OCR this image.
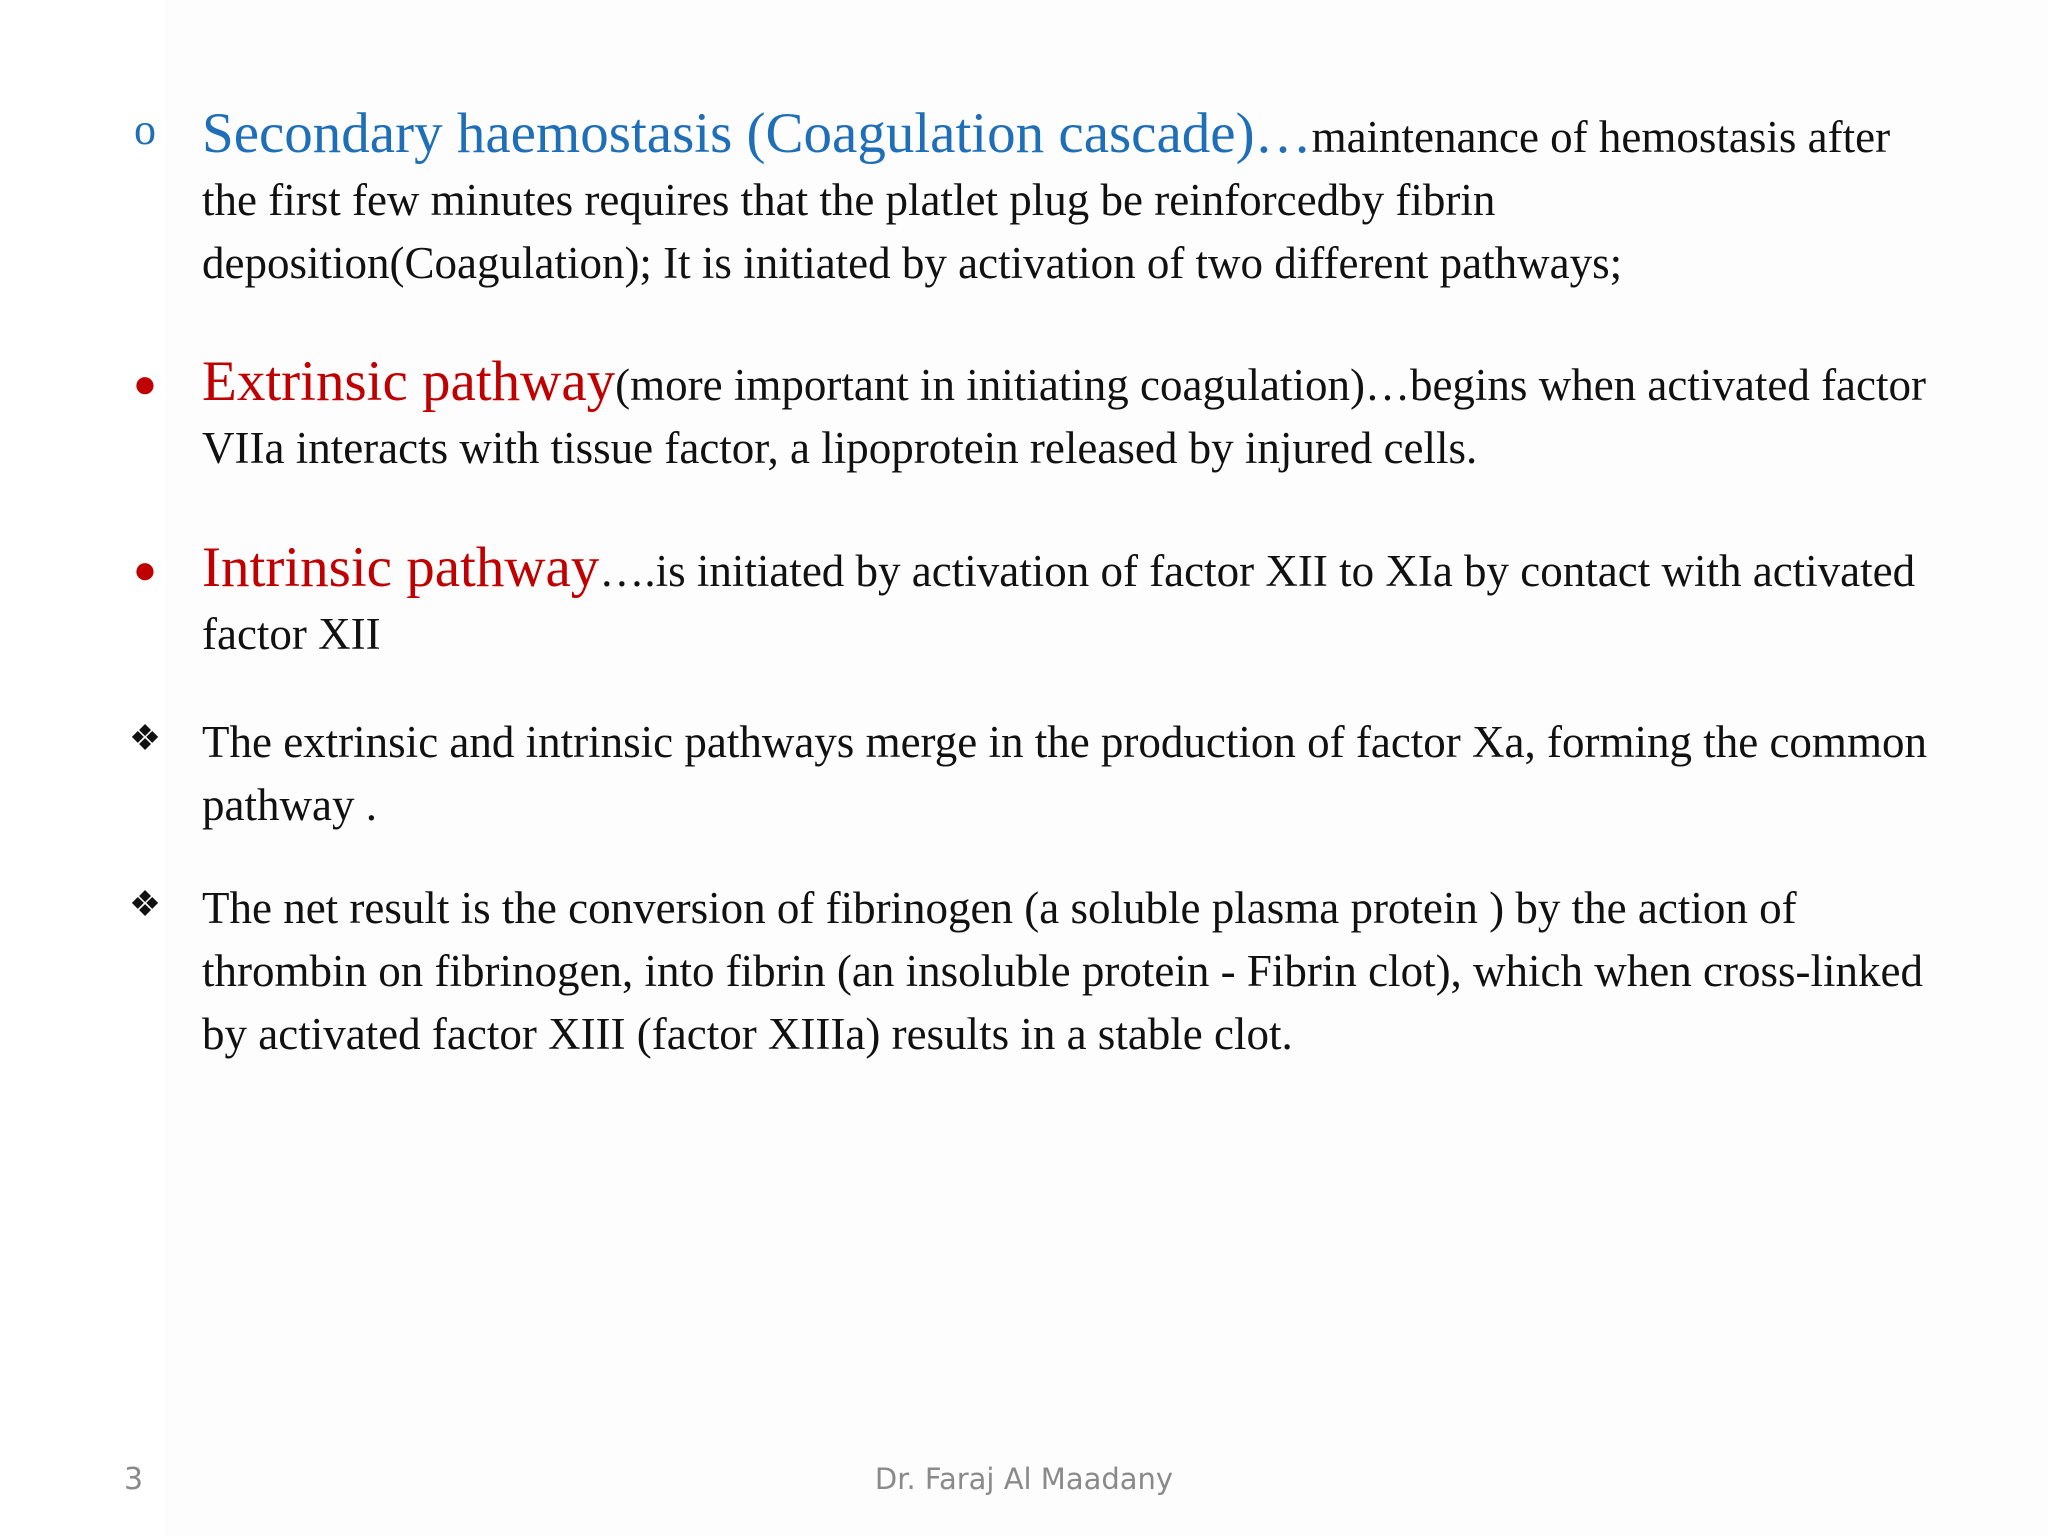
o Secondary haemostasis (Coagulation cascade)…maintenance of hemostasis after the first few minutes requires that the platlet plug be reinforcedby fibrin deposition(Coagulation); It is initiated by activation of two different pathways;
● Extrinsic pathway(more important in initiating coagulation)…begins when activated factor VIIa interacts with tissue factor, a lipoprotein released by injured cells.
● Intrinsic pathway….is initiated by activation of factor XII to XIa by contact with activated factor XII
❖ The extrinsic and intrinsic pathways merge in the production of factor Xa, forming the common pathway .
❖ The net result is the conversion of fibrinogen (a soluble plasma protein ) by the action of thrombin on fibrinogen, into fibrin (an insoluble protein - Fibrin clot), which when cross-linked by activated factor XIII (factor XIIIa) results in a stable clot.
3	Dr. Faraj Al Maadany
